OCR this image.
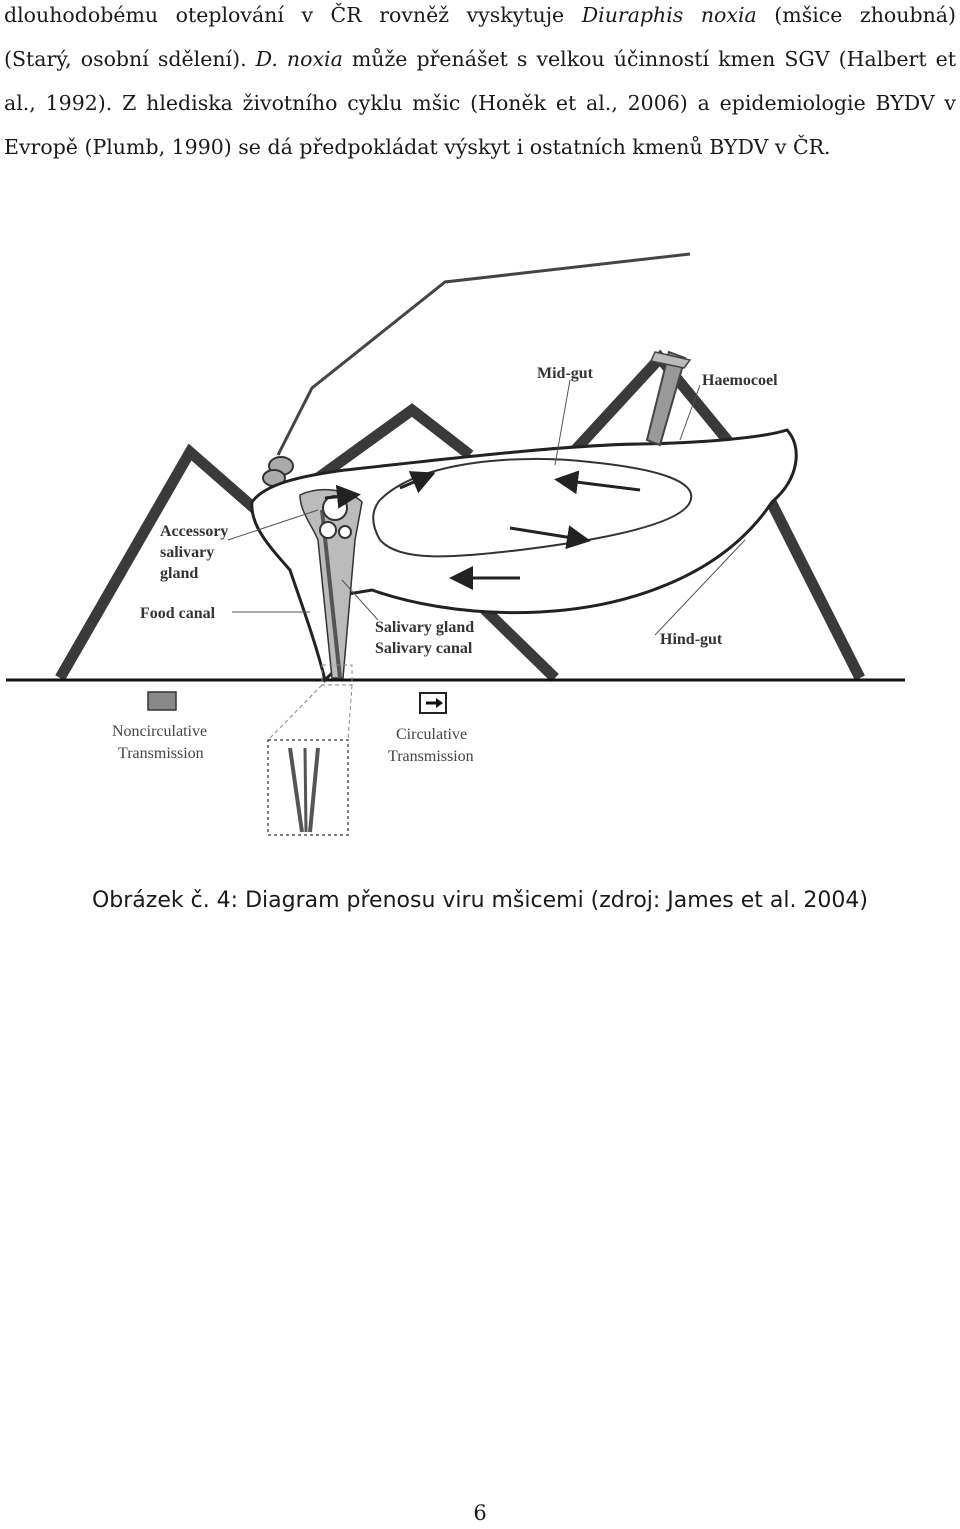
dlouhodobému oteplování v ČR rovněž vyskytuje Diuraphis noxia (mšice zhoubná)
(Starý, osobní sdělení). D. noxia může přenášet s velkou účinností kmen SGV (Halbert et
al., 1992). Z hlediska životního cyklu mšic (Honěk et al., 2006) a epidemiologie BYDV v
Evropě (Plumb, 1990) se dá předpokládat výskyt i ostatních kmenů BYDV v ČR.
Mid-gut	Haemocoel
Accessory
salivary
gland
Food canal
Salivary gland
Salivary canal
Hind-gut
Noncirculative
Transmission
Circulative
Transmission
Obrázek č. 4: Diagram přenosu viru mšicemi (zdroj: James et al. 2004)
6
